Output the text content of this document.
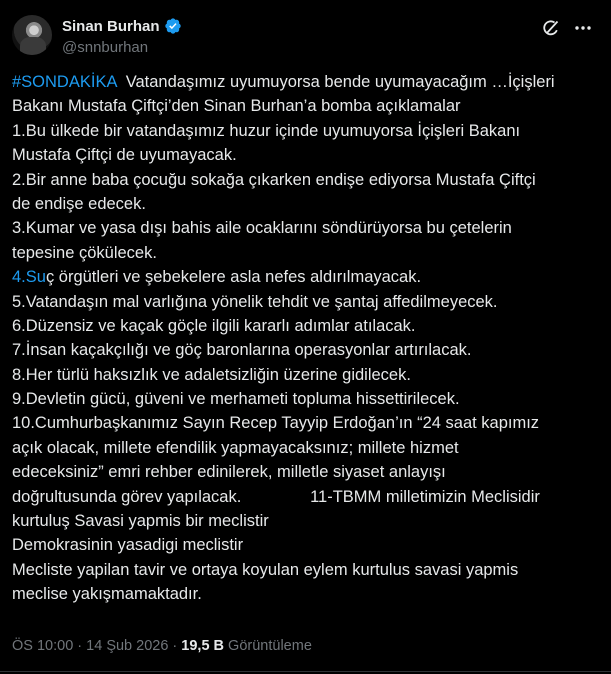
Sinan Burhan
@snnburhan
#SONDAKİKA  Vatandaşımız uyumuyorsa bende uyumayacağım …İçişleri
Bakanı Mustafa Çiftçi’den Sinan Burhan’a bomba açıklamalar
1.Bu ülkede bir vatandaşımız huzur içinde uyumuyorsa İçişleri Bakanı
Mustafa Çiftçi de uyumayacak.
2.Bir anne baba çocuğu sokağa çıkarken endişe ediyorsa Mustafa Çiftçi
de endişe edecek.
3.Kumar ve yasa dışı bahis aile ocaklarını söndürüyorsa bu çetelerin
tepesine çökülecek.
4.Suç örgütleri ve şebekelere asla nefes aldırılmayacak.
5.Vatandaşın mal varlığına yönelik tehdit ve şantaj affedilmeyecek.
6.Düzensiz ve kaçak göçle ilgili kararlı adımlar atılacak.
7.İnsan kaçakçılığı ve göç baronlarına operasyonlar artırılacak.
8.Her türlü haksızlık ve adaletsizliğin üzerine gidilecek.
9.Devletin gücü, güveni ve merhameti topluma hissettirilecek.
10.Cumhurbaşkanımız Sayın Recep Tayyip Erdoğan’ın “24 saat kapımız
açık olacak, millete efendilik yapmayacaksınız; millete hizmet
edeceksiniz” emri rehber edinilerek, milletle siyaset anlayışı
doğrultusunda görev yapılacak.               11-TBMM milletimizin Meclisidir
kurtuluş Savasi yapmis bir meclistir
Demokrasinin yasadigi meclistir
Mecliste yapilan tavir ve ortaya koyulan eylem kurtulus savasi yapmis
meclise yakışmamaktadır.
ÖS 10:00 · 14 Şub 2026 · 19,5 B Görüntüleme
